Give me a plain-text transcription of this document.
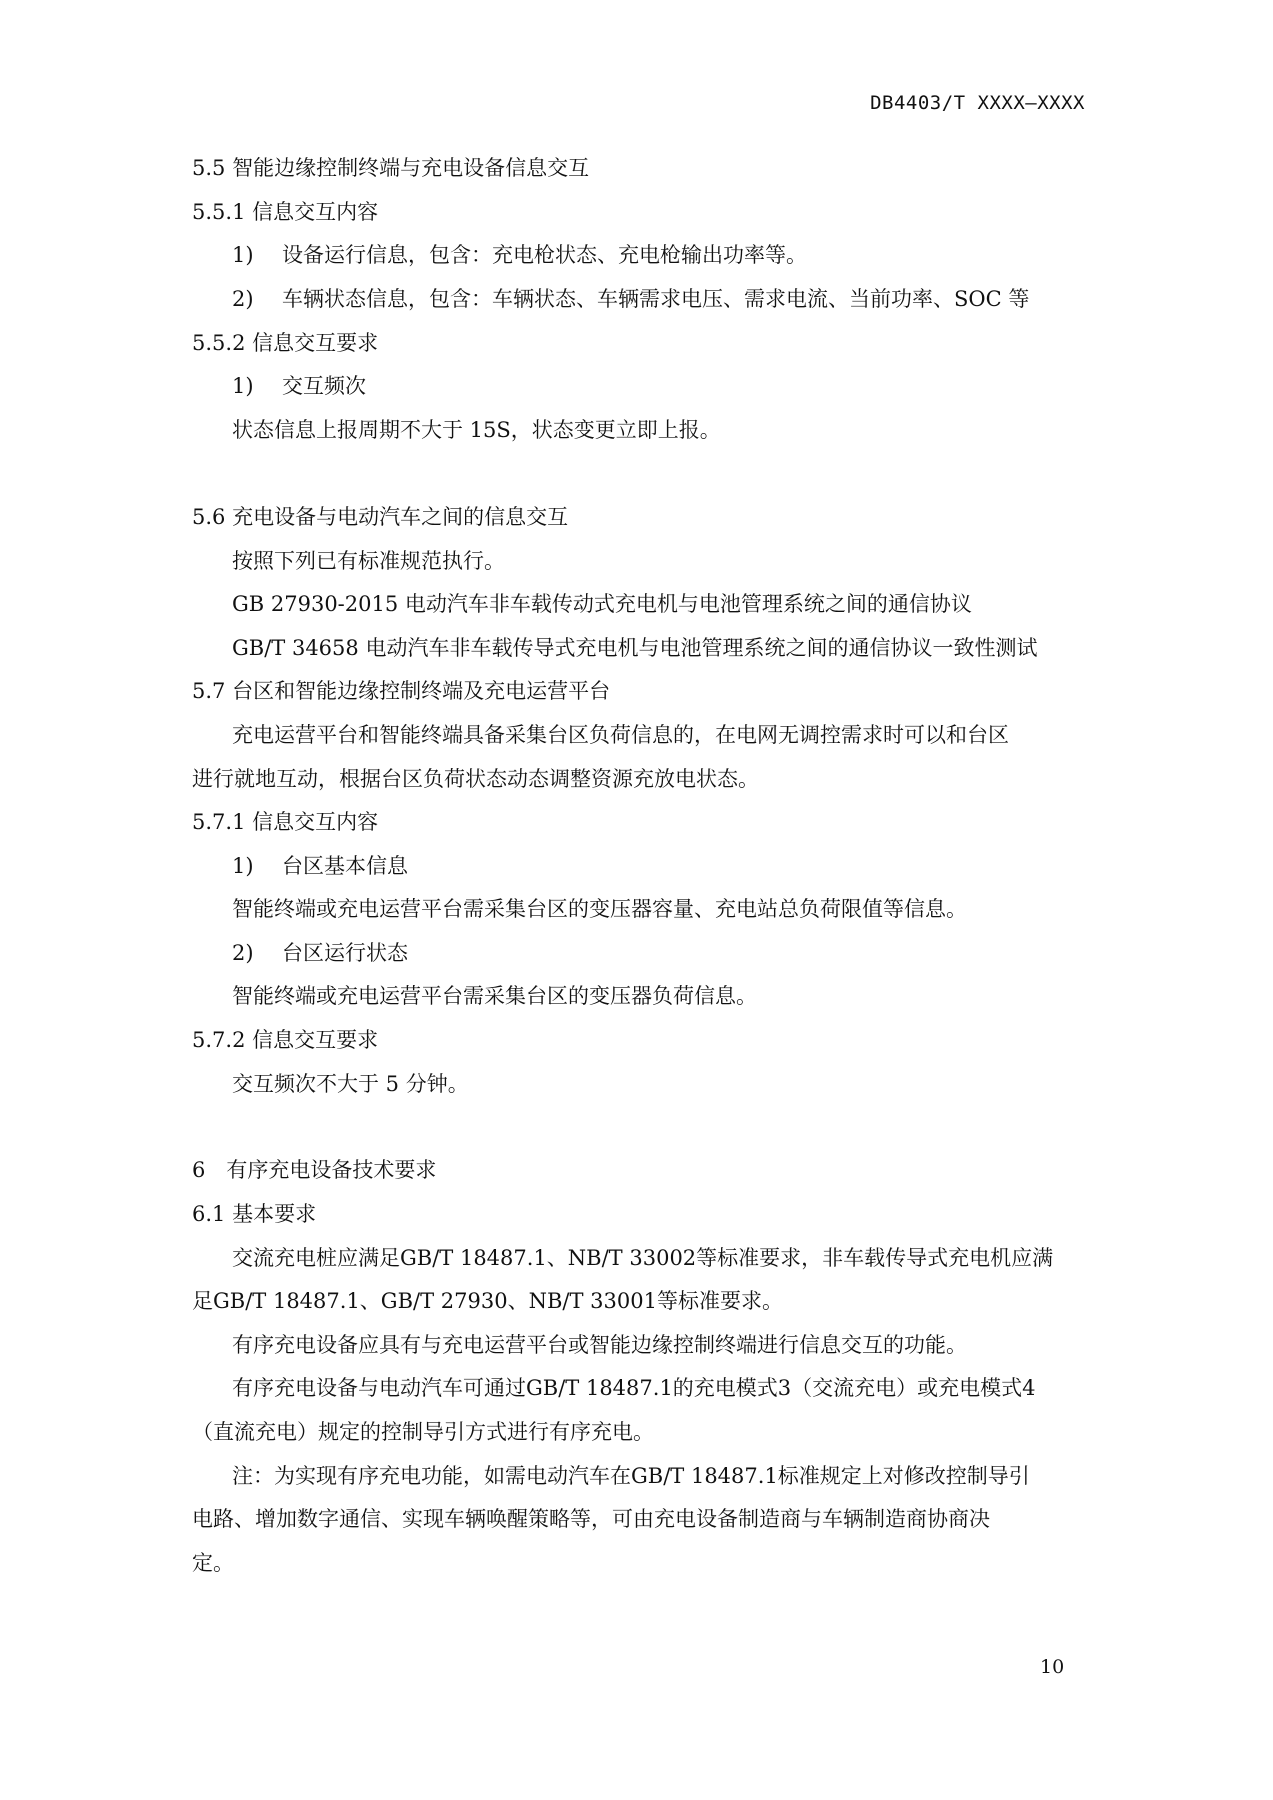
DB4403/T XXXX—XXXX
5.5 智能边缘控制终端与充电设备信息交互
5.5.1 信息交互内容
1) 设备运行信息，包含：充电枪状态、充电枪输出功率等。
2) 车辆状态信息，包含：车辆状态、车辆需求电压、需求电流、当前功率、SOC 等
5.5.2 信息交互要求
1) 交互频次
状态信息上报周期不大于 15S，状态变更立即上报。
5.6 充电设备与电动汽车之间的信息交互
按照下列已有标准规范执行。
GB 27930-2015 电动汽车非车载传动式充电机与电池管理系统之间的通信协议
GB/T 34658 电动汽车非车载传导式充电机与电池管理系统之间的通信协议一致性测试
5.7 台区和智能边缘控制终端及充电运营平台
充电运营平台和智能终端具备采集台区负荷信息的，在电网无调控需求时可以和台区
进行就地互动，根据台区负荷状态动态调整资源充放电状态。
5.7.1 信息交互内容
1) 台区基本信息
智能终端或充电运营平台需采集台区的变压器容量、充电站总负荷限值等信息。
2) 台区运行状态
智能终端或充电运营平台需采集台区的变压器负荷信息。
5.7.2 信息交互要求
交互频次不大于 5 分钟。
6　有序充电设备技术要求
6.1 基本要求
交流充电桩应满足GB/T 18487.1、NB/T 33002等标准要求，非车载传导式充电机应满
足GB/T 18487.1、GB/T 27930、NB/T 33001等标准要求。
有序充电设备应具有与充电运营平台或智能边缘控制终端进行信息交互的功能。
有序充电设备与电动汽车可通过GB/T 18487.1的充电模式3（交流充电）或充电模式4
（直流充电）规定的控制导引方式进行有序充电。
注：为实现有序充电功能，如需电动汽车在GB/T 18487.1标准规定上对修改控制导引
电路、增加数字通信、实现车辆唤醒策略等，可由充电设备制造商与车辆制造商协商决
定。
10
